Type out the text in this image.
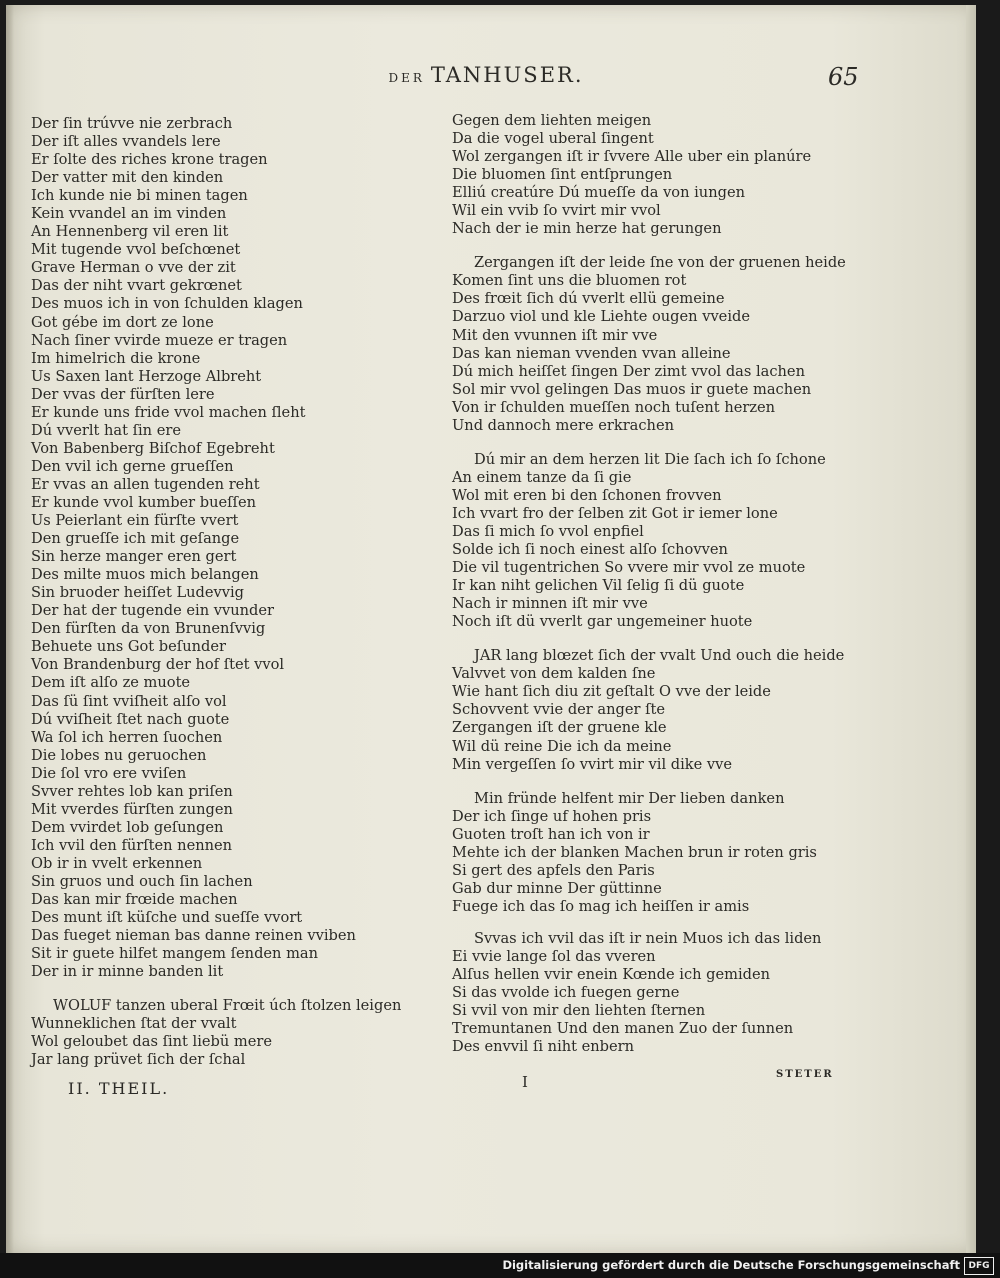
DER TANHUSER.	65
Der ſin trúvve nie zerbrach
Der iſt alles vvandels lere
Er ſolte des riches krone tragen
Der vatter mit den kinden
Ich kunde nie bi minen tagen
Kein vvandel an im vinden
An Hennenberg vil eren lit
Mit tugende vvol beſchœnet
Grave Herman o vve der zit
Das der niht vvart gekrœnet
Des muos ich in von ſchulden klagen
Got gébe im dort ze lone
Nach ſiner vvirde mueze er tragen
Im himelrich die krone
Us Saxen lant Herzoge Albreht
Der vvas der fürſten lere
Er kunde uns fride vvol machen ſleht
Dú vverlt hat ſin ere
Von Babenberg Biſchof Egebreht
Den vvil ich gerne grueſſen
Er vvas an allen tugenden reht
Er kunde vvol kumber bueſſen
Us Peierlant ein fürſte vvert
Den grueſſe ich mit geſange
Sin herze manger eren gert
Des milte muos mich belangen
Sin bruoder heiſſet Ludevvig
Der hat der tugende ein vvunder
Den fürſten da von Brunenſvvig
Behuete uns Got beſunder
Von Brandenburg der hof ſtet vvol
Dem iſt alſo ze muote
Das ſü ſint vviſheit alſo vol
Dú vviſheit ſtet nach guote
Wa ſol ich herren ſuochen
Die lobes nu geruochen
Die ſol vro ere vviſen
Svver rehtes lob kan priſen
Mit vverdes fürſten zungen
Dem vvirdet lob geſungen
Ich vvil den fürſten nennen
Ob ir in vvelt erkennen
Sin gruos und ouch ſin lachen
Das kan mir frœide machen
Des munt iſt küſche und sueſſe vvort
Das fueget nieman bas danne reinen vviben
Sit ir guete hilfet mangem ſenden man
Der in ir minne banden lit
WOLUF tanzen uberal Frœit úch ſtolzen leigen
Wunneklichen ſtat der vvalt
Wol geloubet das ſint liebü mere
Jar lang prüvet ſich der ſchal
Gegen dem liehten meigen
Da die vogel uberal ſingent
Wol zergangen iſt ir ſvvere Alle uber ein planúre
Die bluomen ſint entſprungen
Elliú creatúre Dú mueſſe da von iungen
Wil ein vvib ſo vvirt mir vvol
Nach der ie min herze hat gerungen
Zergangen iſt der leide ſne von der gruenen heide
Komen ſint uns die bluomen rot
Des frœit ſich dú vverlt ellü gemeine
Darzuo viol und kle Liehte ougen vveide
Mit den vvunnen iſt mir vve
Das kan nieman vvenden vvan alleine
Dú mich heiſſet ſingen Der zimt vvol das lachen
Sol mir vvol gelingen Das muos ir guete machen
Von ir ſchulden mueſſen noch tuſent herzen
Und dannoch mere erkrachen
Dú mir an dem herzen lit Die ſach ich ſo ſchone
An einem tanze da ſi gie
Wol mit eren bi den ſchonen frovven
Ich vvart fro der ſelben zit Got ir iemer lone
Das ſi mich ſo vvol enpfiel
Solde ich ſi noch einest alſo ſchovven
Die vil tugentrichen So vvere mir vvol ze muote
Ir kan niht gelichen Vil ſelig ſi dü guote
Nach ir minnen iſt mir vve
Noch iſt dü vverlt gar ungemeiner huote
JAR lang blœzet ſich der vvalt Und ouch die heide
Valvvet von dem kalden ſne
Wie hant ſich diu zit geſtalt O vve der leide
Schovvent vvie der anger ſte
Zergangen iſt der gruene kle
Wil dü reine Die ich da meine
Min vergeſſen ſo vvirt mir vil dike vve
Min fründe helfent mir Der lieben danken
Der ich ſinge uf hohen pris
Guoten troſt han ich von ir
Mehte ich der blanken Machen brun ir roten gris
Si gert des apfels den Paris
Gab dur minne Der güttinne
Fuege ich das ſo mag ich heiſſen ir amis
Svvas ich vvil das iſt ir nein Muos ich das liden
Ei vvie lange ſol das vveren
Alſus hellen vvir enein Kœnde ich gemiden
Si das vvolde ich fuegen gerne
Si vvil von mir den liehten ſternen
Tremuntanen Und den manen Zuo der ſunnen
Des envvil ſi niht enbern
II. THEIL.	I	STETER
Digitalisierung gefördert durch die Deutsche Forschungsgemeinschaft DFG
